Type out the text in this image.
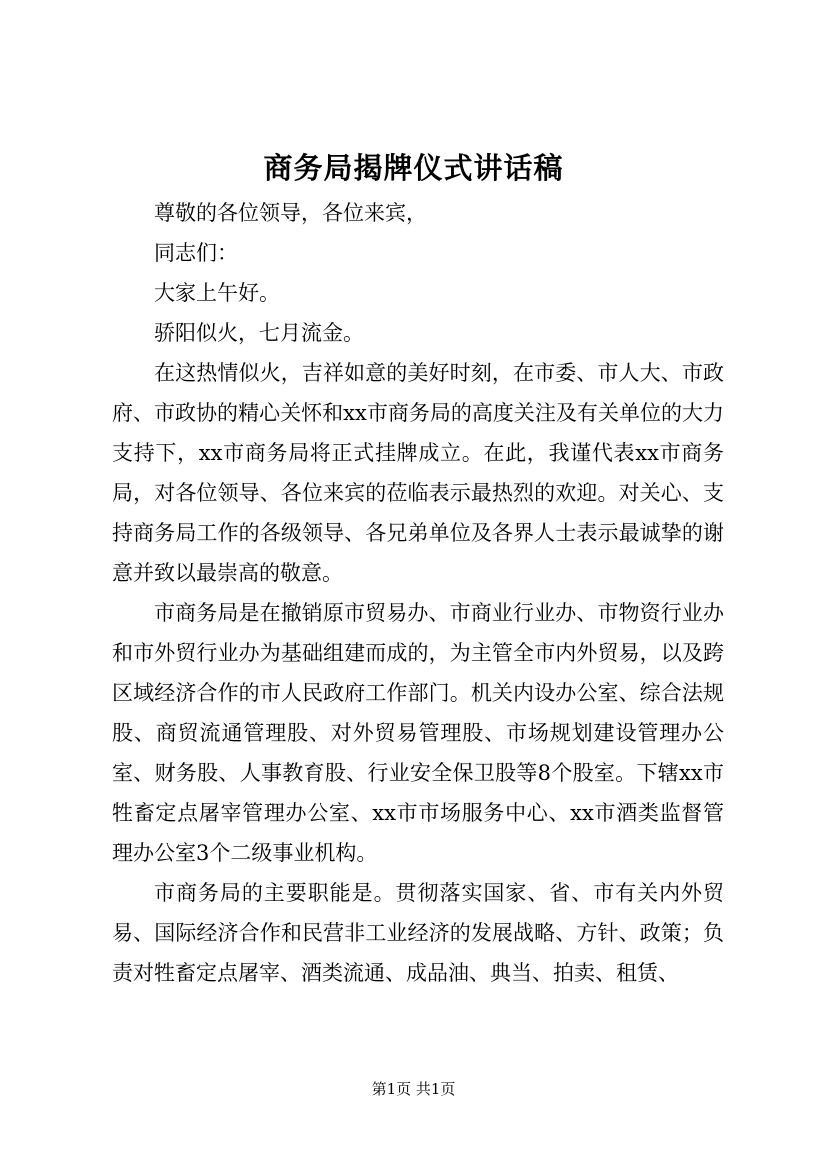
商务局揭牌仪式讲话稿

尊敬的各位领导，各位来宾，

同志们：

大家上午好。

骄阳似火，七月流金。

在这热情似火，吉祥如意的美好时刻，在市委、市人大、市政府、市政协的精心关怀和xx市商务局的高度关注及有关单位的大力支持下，xx市商务局将正式挂牌成立。在此，我谨代表xx市商务局，对各位领导、各位来宾的莅临表示最热烈的欢迎。对关心、支持商务局工作的各级领导、各兄弟单位及各界人士表示最诚挚的谢意并致以最崇高的敬意。

市商务局是在撤销原市贸易办、市商业行业办、市物资行业办和市外贸行业办为基础组建而成的，为主管全市内外贸易，以及跨区域经济合作的市人民政府工作部门。机关内设办公室、综合法规股、商贸流通管理股、对外贸易管理股、市场规划建设管理办公室、财务股、人事教育股、行业安全保卫股等8个股室。下辖xx市牲畜定点屠宰管理办公室、xx市市场服务中心、xx市酒类监督管理办公室3个二级事业机构。

市商务局的主要职能是。贯彻落实国家、省、市有关内外贸易、国际经济合作和民营非工业经济的发展战略、方针、政策；负责对牲畜定点屠宰、酒类流通、成品油、典当、拍卖、租赁、

第1页 共1页
